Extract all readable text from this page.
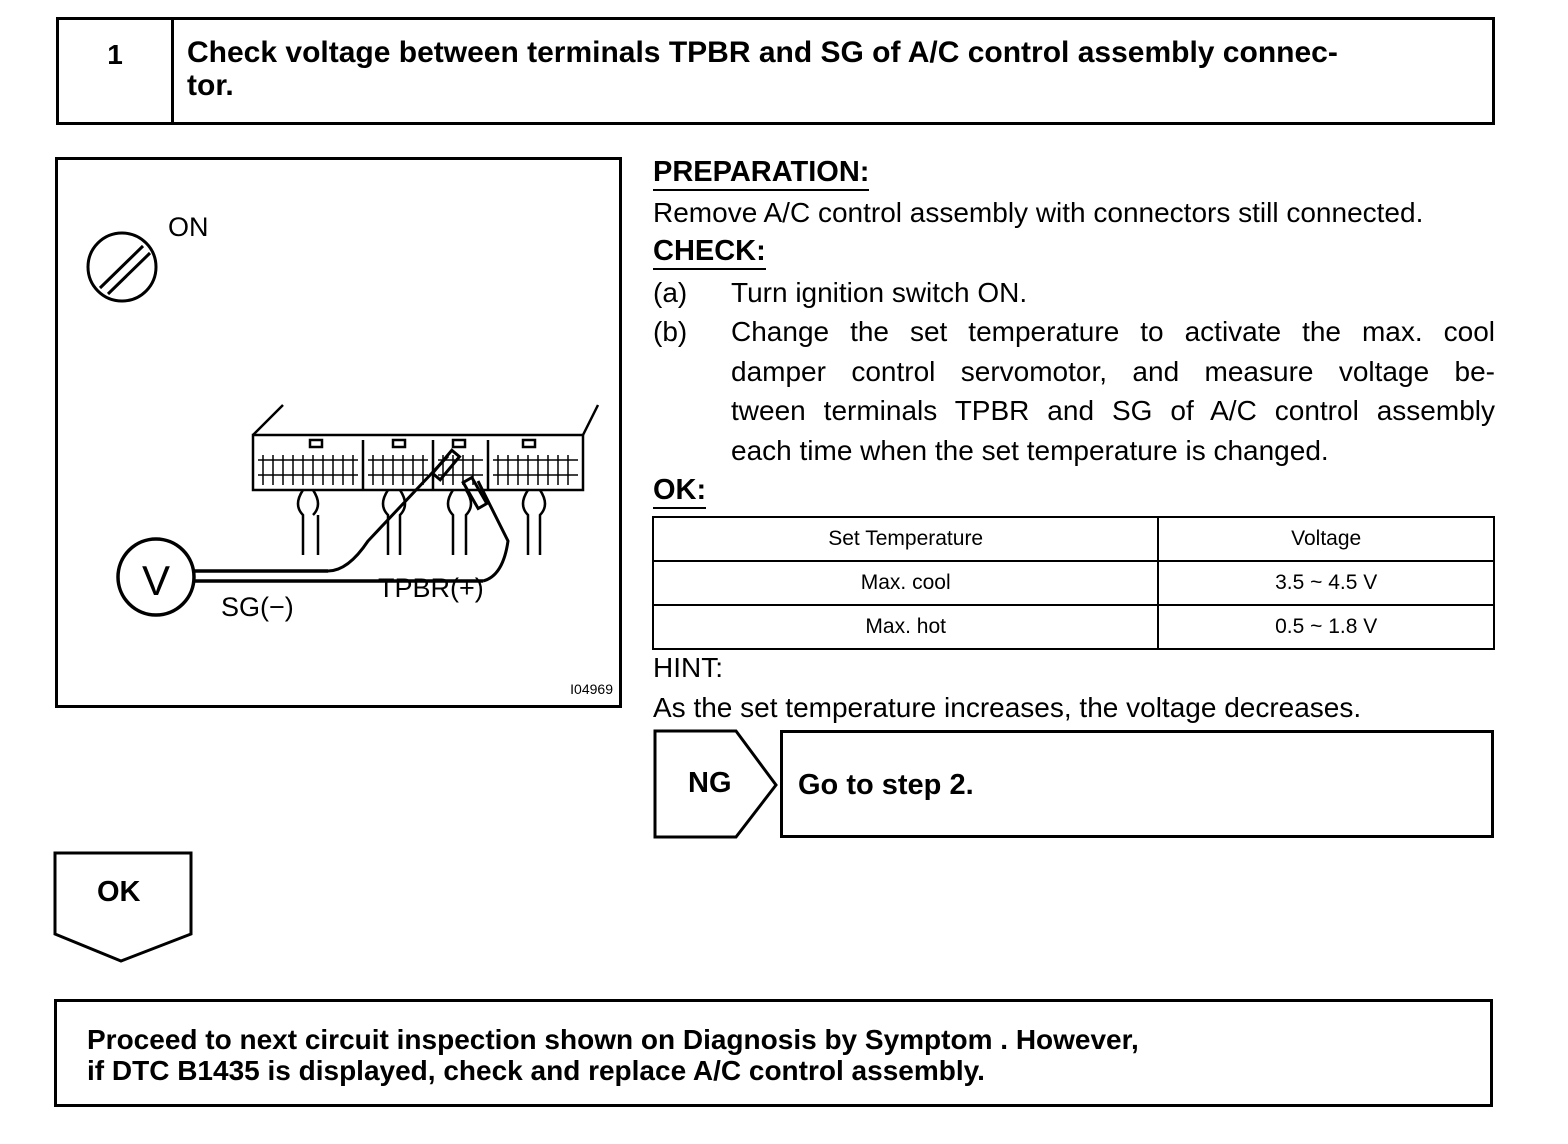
1	Check voltage between terminals TPBR and SG of A/C control assembly connec-
tor.
ON
V
SG(−)
TPBR(+)
I04969
PREPARATION:
Remove A/C control assembly with connectors still connected.
CHECK:
(a) Turn ignition switch ON.
(b) Change the set temperature to activate the max. cool
damper control servomotor, and measure voltage be-
tween terminals TPBR and SG of A/C control assembly
each time when the set temperature is changed.
OK:
Set Temperature	Voltage
Max. cool	3.5 ~ 4.5 V
Max. hot	0.5 ~ 1.8 V
HINT:
As the set temperature increases, the voltage decreases.
NG Go to step 2.
OK
Proceed to next circuit inspection shown on Diagnosis by Symptom . However,
if DTC B1435 is displayed, check and replace A/C control assembly.
